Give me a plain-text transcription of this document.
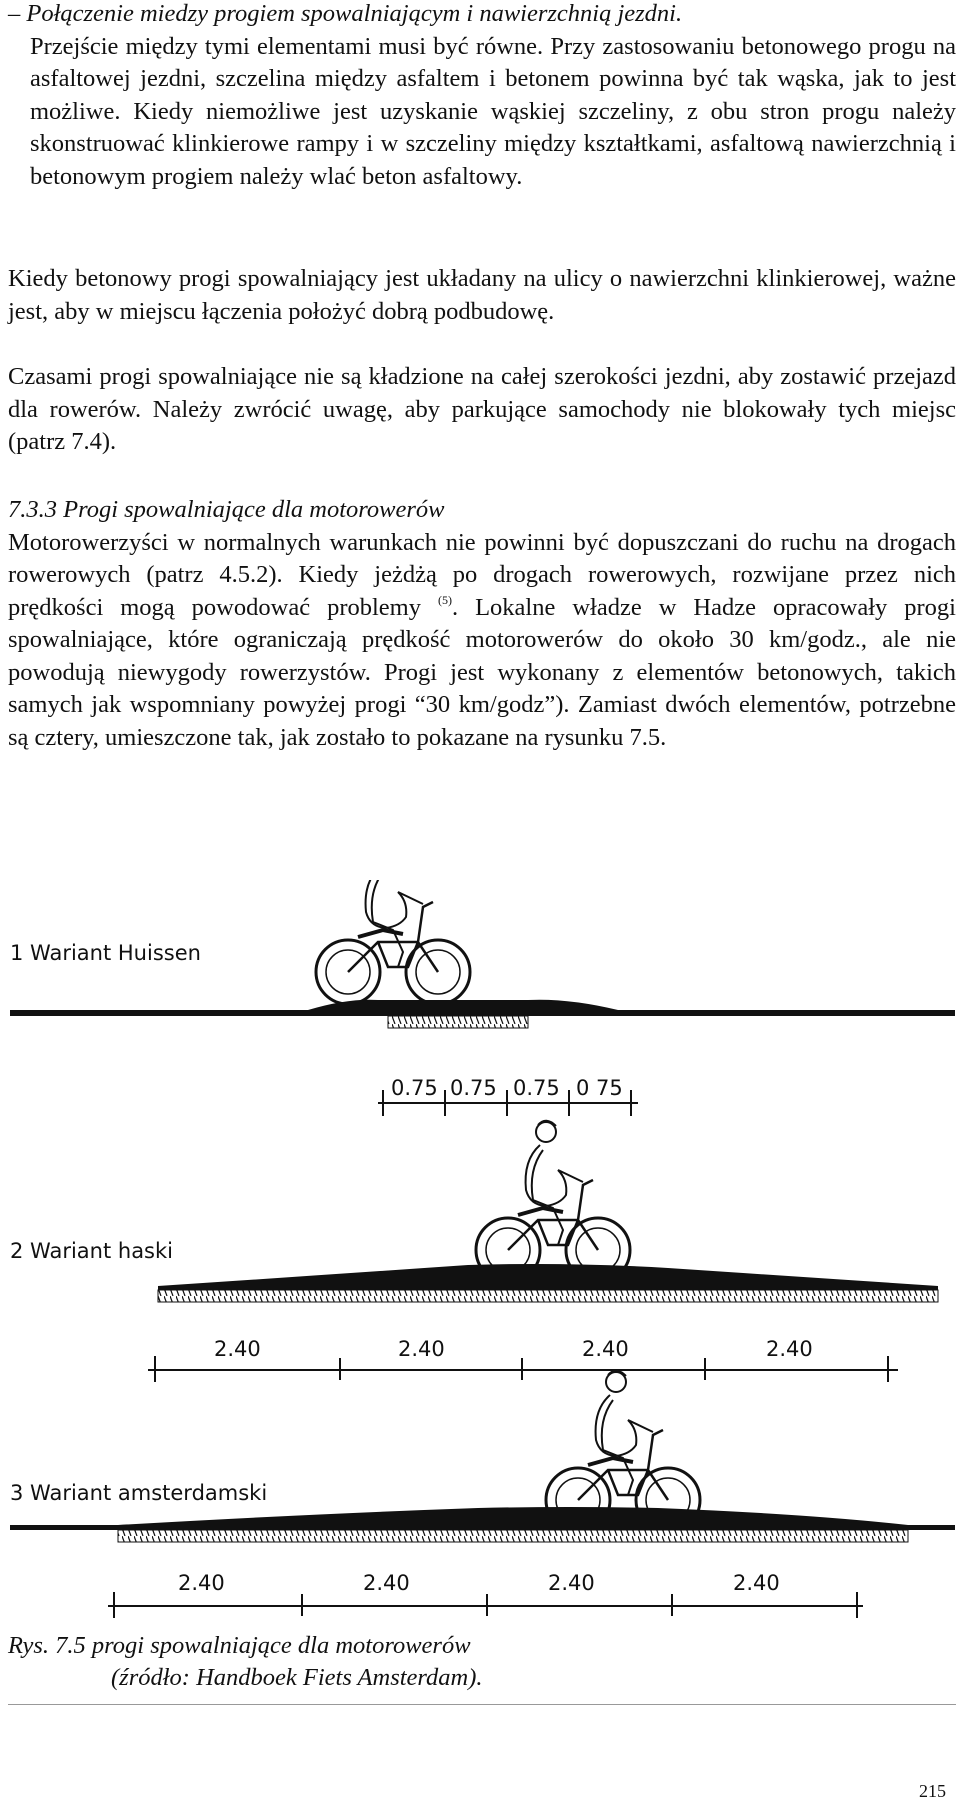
– Połączenie miedzy progiem spowalniającym i nawierzchnią jezdni.

Przejście między tymi elementami musi być równe. Przy zastosowaniu betonowego progu na asfaltowej jezdni, szczelina między asfaltem i betonem powinna być tak wąska, jak to jest możliwe. Kiedy niemożliwe jest uzyskanie wąskiej szczeliny, z obu stron progu należy skonstruować klinkierowe rampy i w szczeliny między kształtkami, asfaltową nawierzchnią i betonowym progiem należy wlać beton asfaltowy.

Kiedy betonowy progi spowalniający jest układany na ulicy o nawierzchni klinkierowej, ważne jest, aby w miejscu łączenia położyć dobrą podbudowę.

Czasami progi spowalniające nie są kładzione na całej szerokości jezdni, aby zostawić przejazd dla rowerów. Należy zwrócić uwagę, aby parkujące samochody nie blokowały tych miejsc (patrz 7.4).

7.3.3 Progi spowalniające dla motorowerów

Motorowerzyści w normalnych warunkach nie powinni być dopuszczani do ruchu na drogach rowerowych (patrz 4.5.2). Kiedy jeżdżą po drogach rowerowych, rozwijane przez nich prędkości mogą powodować problemy $^{(5)}$. Lokalne władze w Hadze opracowały progi spowalniające, które ograniczają prędkość motorowerów do około 30 km/godz., ale nie powodują niewygody rowerzystów. Progi jest wykonany z elementów betonowych, takich samych jak wspomniany powyżej progi “30 km/godz”). Zamiast dwóch elementów, potrzebne są cztery, umieszczone tak, jak zostało to pokazane na rysunku 7.5.

1 Wariant Huissen
0.75 0.75 0.75 0 75
2 Wariant haski
2.40	2.40	2.40	2.40
3 Wariant amsterdamski
2.40	2.40	2.40	2.40
Rys. 7.5 progi spowalniające dla motorowerów
(źródło: Handboek Fiets Amsterdam).
215
